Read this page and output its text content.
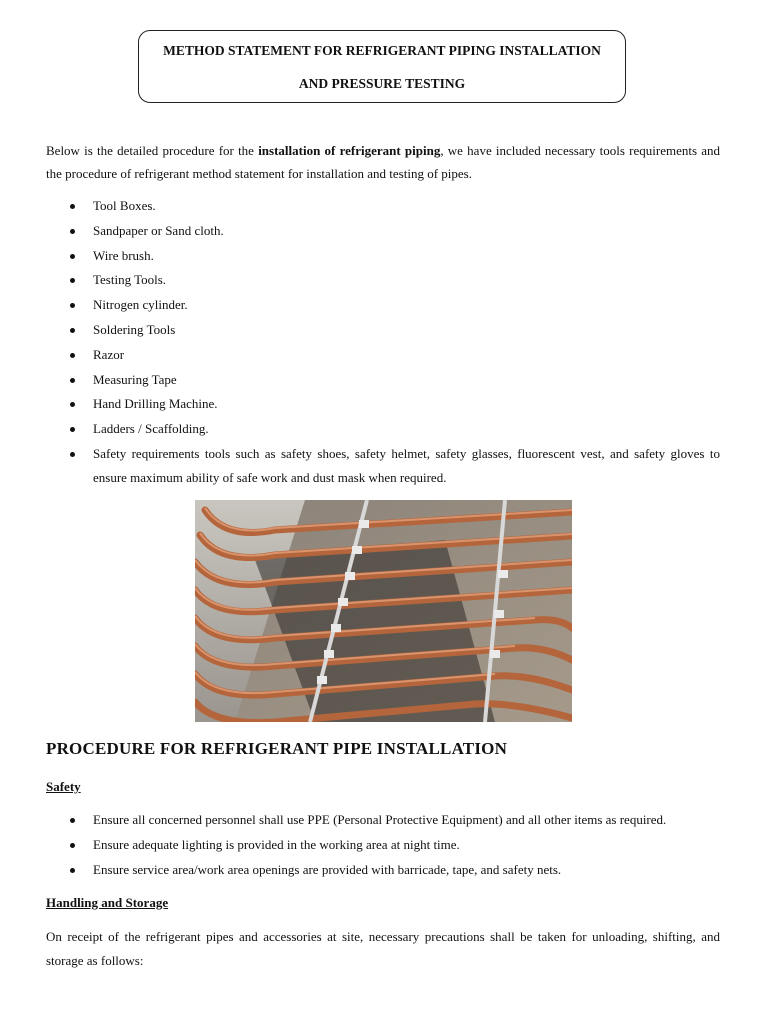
METHOD STATEMENT FOR REFRIGERANT PIPING INSTALLATION
AND PRESSURE TESTING
Below is the detailed procedure for the installation of refrigerant piping, we have included necessary tools requirements and the procedure of refrigerant method statement for installation and testing of pipes.
Tool Boxes.
Sandpaper or Sand cloth.
Wire brush.
Testing Tools.
Nitrogen cylinder.
Soldering Tools
Razor
Measuring Tape
Hand Drilling Machine.
Ladders / Scaffolding.
Safety requirements tools such as safety shoes, safety helmet, safety glasses, fluorescent vest, and safety gloves to ensure maximum ability of safe work and dust mask when required.
PROCEDURE FOR REFRIGERANT PIPE INSTALLATION
Safety
Ensure all concerned personnel shall use PPE (Personal Protective Equipment) and all other items as required.
Ensure adequate lighting is provided in the working area at night time.
Ensure service area/work area openings are provided with barricade, tape, and safety nets.
Handling and Storage
On receipt of the refrigerant pipes and accessories at site, necessary precautions shall be taken for unloading, shifting, and storage as follows:
